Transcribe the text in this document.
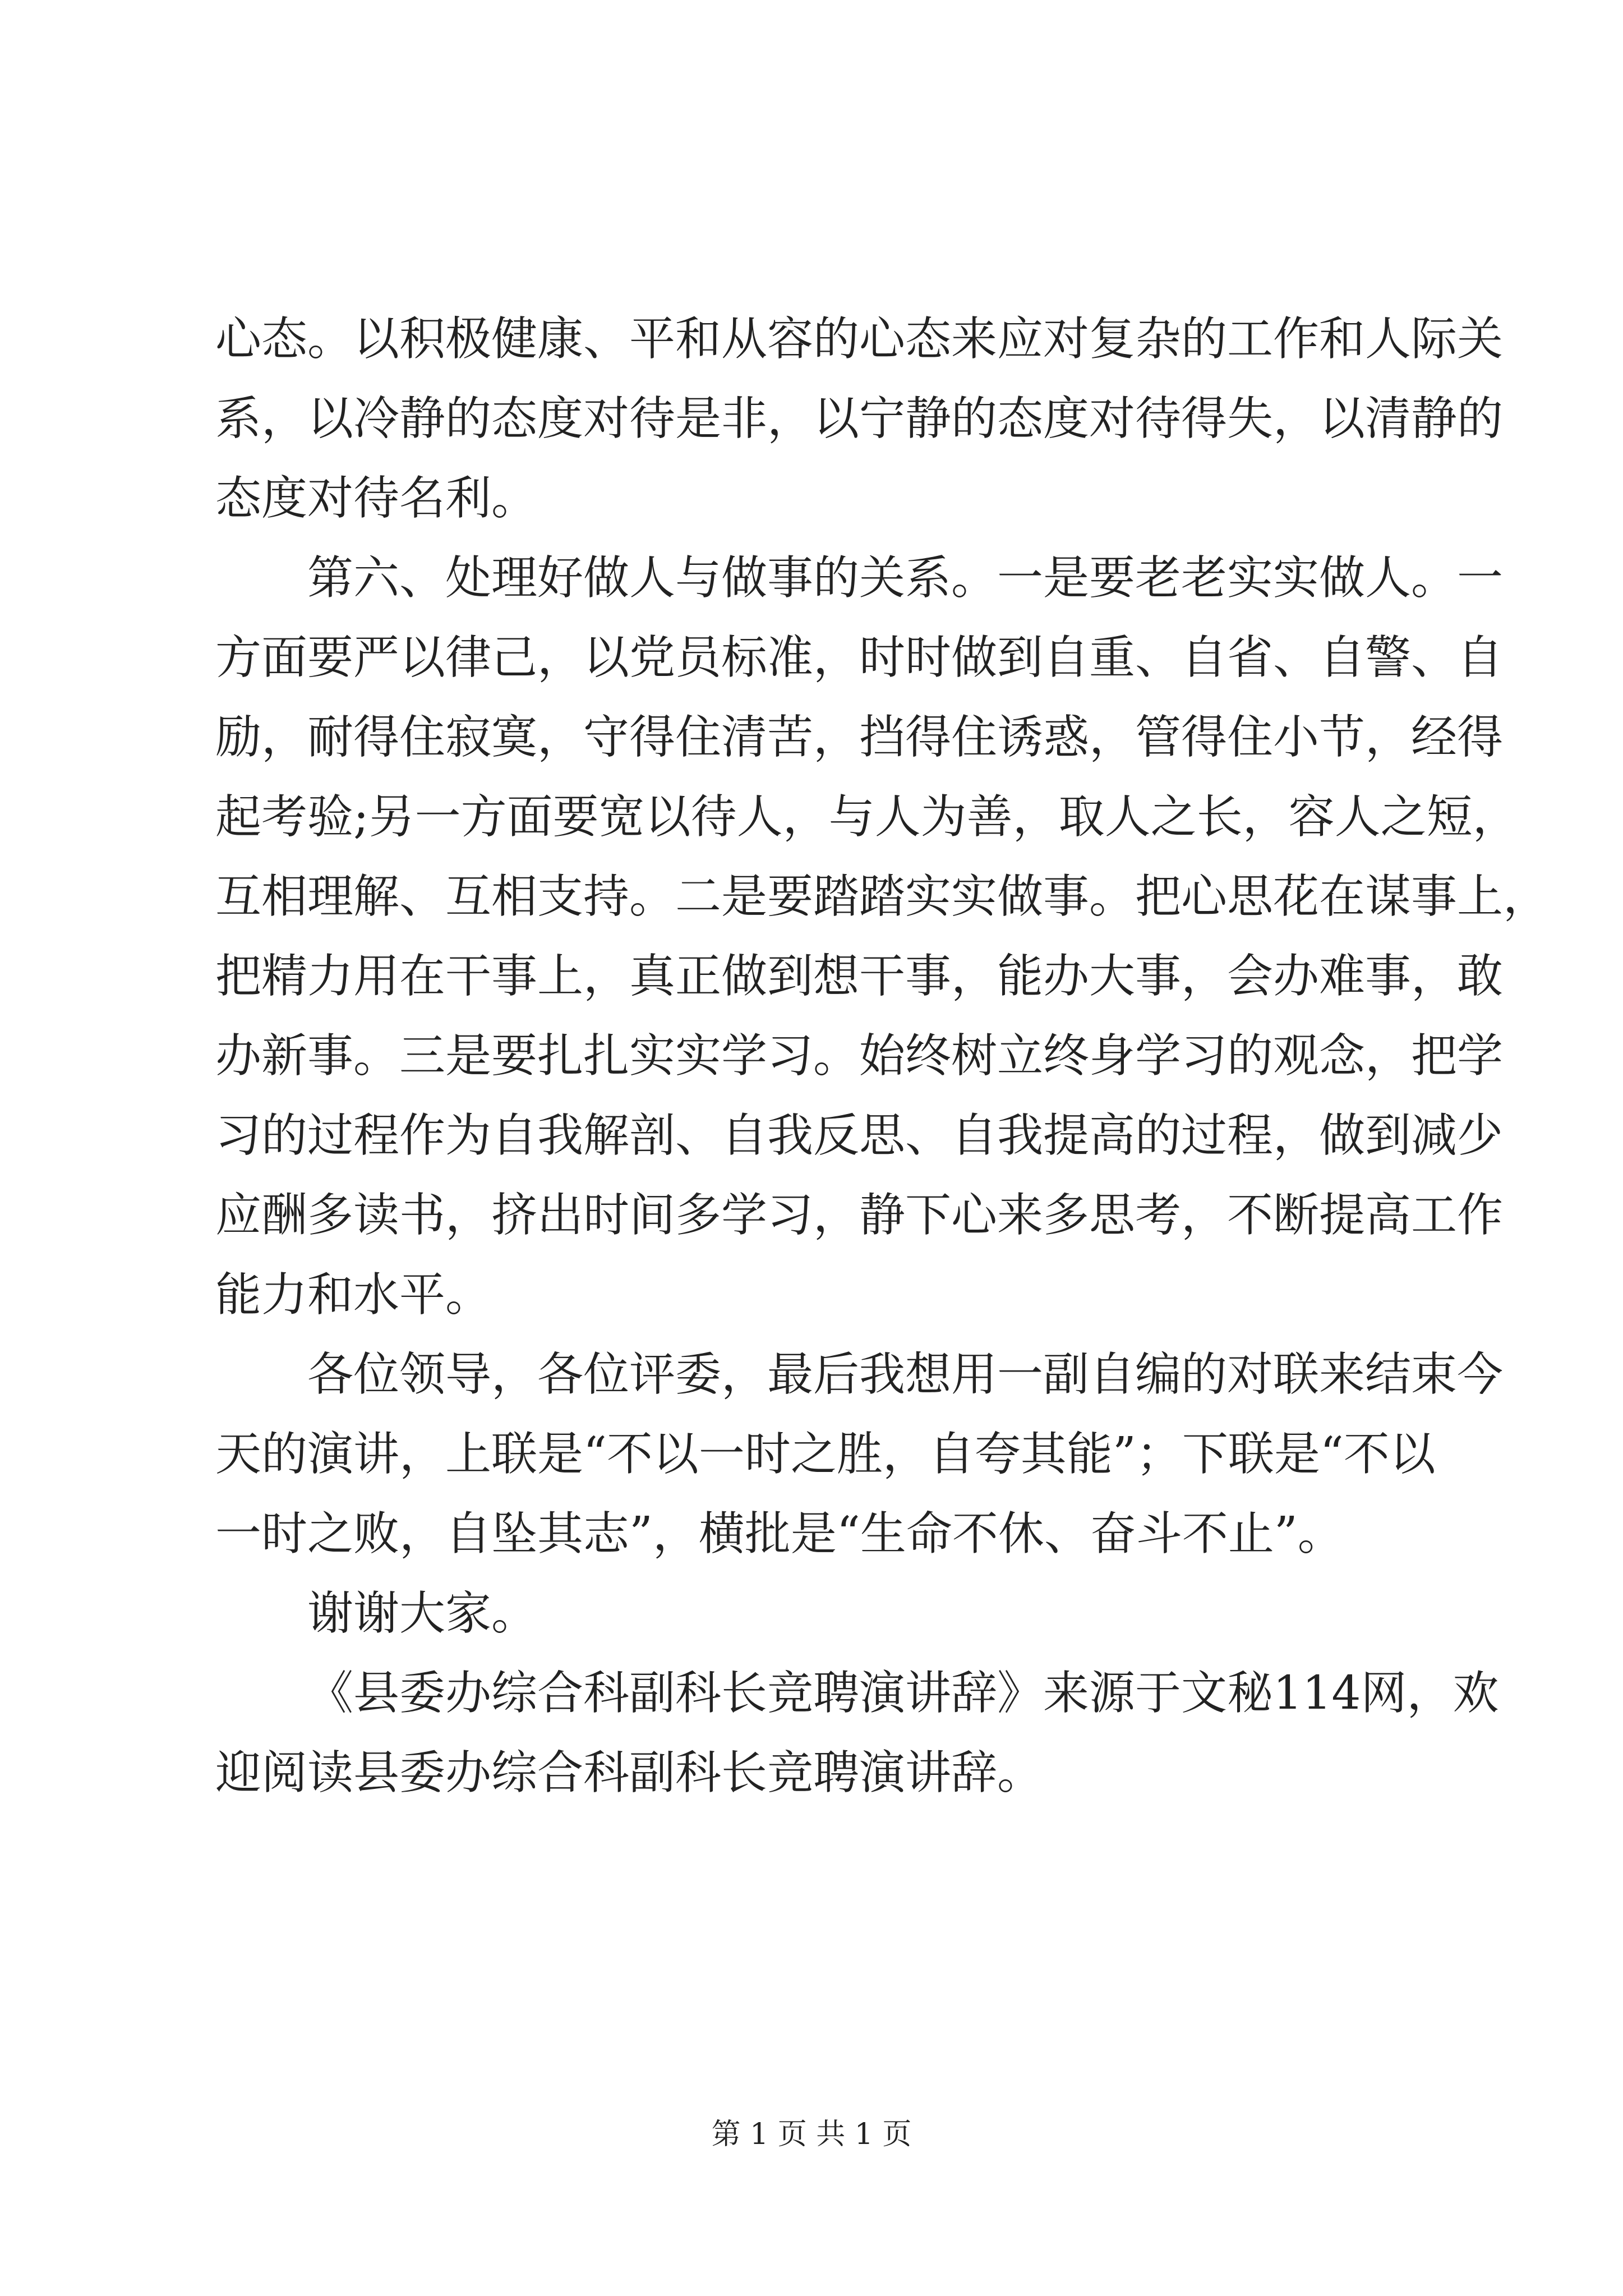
心态。以积极健康、平和从容的心态来应对复杂的工作和人际关
系，以冷静的态度对待是非，以宁静的态度对待得失，以清静的
态度对待名利。
第六、处理好做人与做事的关系。一是要老老实实做人。一
方面要严以律己，以党员标准，时时做到自重、自省、自警、自
励，耐得住寂寞，守得住清苦，挡得住诱惑，管得住小节，经得
起考验;另一方面要宽以待人，与人为善，取人之长，容人之短，
互相理解、互相支持。二是要踏踏实实做事。把心思花在谋事上，
把精力用在干事上，真正做到想干事，能办大事，会办难事，敢
办新事。三是要扎扎实实学习。始终树立终身学习的观念，把学
习的过程作为自我解剖、自我反思、自我提高的过程，做到减少
应酬多读书，挤出时间多学习，静下心来多思考，不断提高工作
能力和水平。
各位领导，各位评委，最后我想用一副自编的对联来结束今
天的演讲，上联是“不以一时之胜，自夸其能”；下联是“不以
一时之败，自坠其志”，横批是“生命不休、奋斗不止”。
谢谢大家。
《县委办综合科副科长竞聘演讲辞》来源于文秘114网，欢
迎阅读县委办综合科副科长竞聘演讲辞。
第 1 页 共 1 页
